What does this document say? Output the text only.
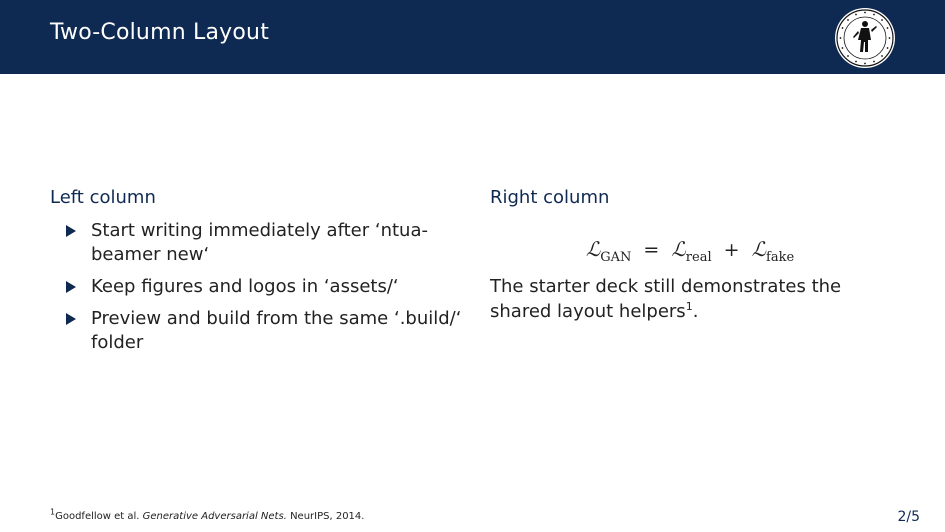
Two-Column Layout
Left column
Start writing immediately after ‘ntua-beamer new‘
Keep figures and logos in ‘assets/‘
Preview and build from the same ‘.build/‘ folder
Right column
ℒ$_{GAN}$ = ℒ$_{real}$ + ℒ$_{fake}$
The starter deck still demonstrates the shared layout helpers$^1$.
$^1$Goodfellow et al. Generative Adversarial Nets. NeurIPS, 2014.	2/5
